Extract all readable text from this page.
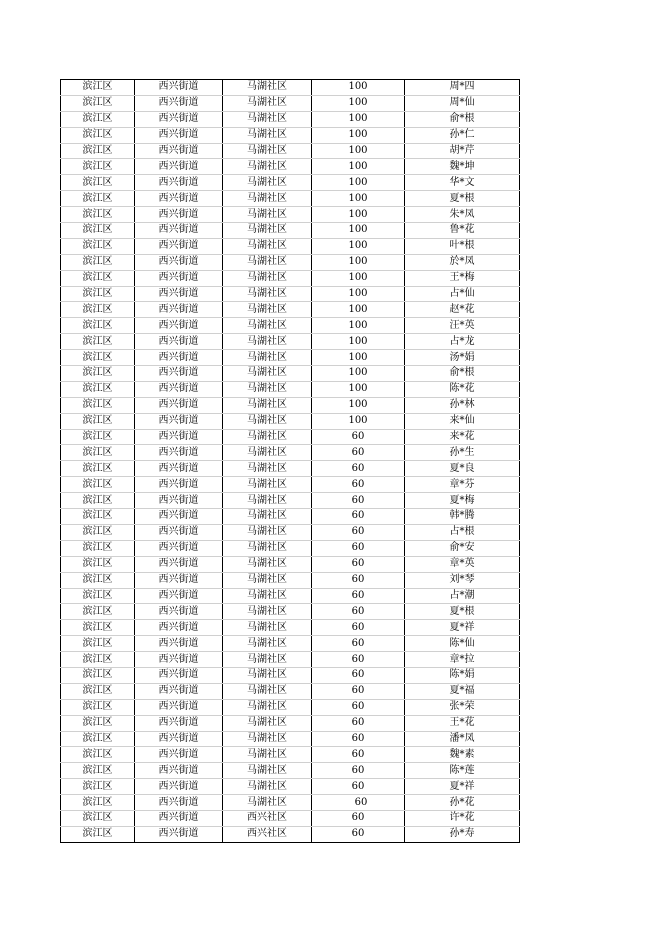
滨江区	西兴街道	马湖社区	100	周*四
滨江区	西兴街道	马湖社区	100	周*仙
滨江区	西兴街道	马湖社区	100	俞*根
滨江区	西兴街道	马湖社区	100	孙*仁
滨江区	西兴街道	马湖社区	100	胡*芹
滨江区	西兴街道	马湖社区	100	魏*坤
滨江区	西兴街道	马湖社区	100	华*文
滨江区	西兴街道	马湖社区	100	夏*根
滨江区	西兴街道	马湖社区	100	朱*凤
滨江区	西兴街道	马湖社区	100	鲁*花
滨江区	西兴街道	马湖社区	100	叶*根
滨江区	西兴街道	马湖社区	100	於*凤
滨江区	西兴街道	马湖社区	100	王*梅
滨江区	西兴街道	马湖社区	100	占*仙
滨江区	西兴街道	马湖社区	100	赵*花
滨江区	西兴街道	马湖社区	100	汪*英
滨江区	西兴街道	马湖社区	100	占*龙
滨江区	西兴街道	马湖社区	100	汤*娟
滨江区	西兴街道	马湖社区	100	俞*根
滨江区	西兴街道	马湖社区	100	陈*花
滨江区	西兴街道	马湖社区	100	孙*林
滨江区	西兴街道	马湖社区	100	来*仙
滨江区	西兴街道	马湖社区	60	来*花
滨江区	西兴街道	马湖社区	60	孙*生
滨江区	西兴街道	马湖社区	60	夏*良
滨江区	西兴街道	马湖社区	60	章*芬
滨江区	西兴街道	马湖社区	60	夏*梅
滨江区	西兴街道	马湖社区	60	韩*腾
滨江区	西兴街道	马湖社区	60	占*根
滨江区	西兴街道	马湖社区	60	俞*安
滨江区	西兴街道	马湖社区	60	章*英
滨江区	西兴街道	马湖社区	60	刘*琴
滨江区	西兴街道	马湖社区	60	占*潮
滨江区	西兴街道	马湖社区	60	夏*根
滨江区	西兴街道	马湖社区	60	夏*祥
滨江区	西兴街道	马湖社区	60	陈*仙
滨江区	西兴街道	马湖社区	60	章*拉
滨江区	西兴街道	马湖社区	60	陈*娟
滨江区	西兴街道	马湖社区	60	夏*福
滨江区	西兴街道	马湖社区	60	张*荣
滨江区	西兴街道	马湖社区	60	王*花
滨江区	西兴街道	马湖社区	60	潘*凤
滨江区	西兴街道	马湖社区	60	魏*素
滨江区	西兴街道	马湖社区	60	陈*莲
滨江区	西兴街道	马湖社区	60	夏*祥
滨江区	西兴街道	马湖社区	60	孙*花
滨江区	西兴街道	西兴社区	60	许*花
滨江区	西兴街道	西兴社区	60	孙*寿
